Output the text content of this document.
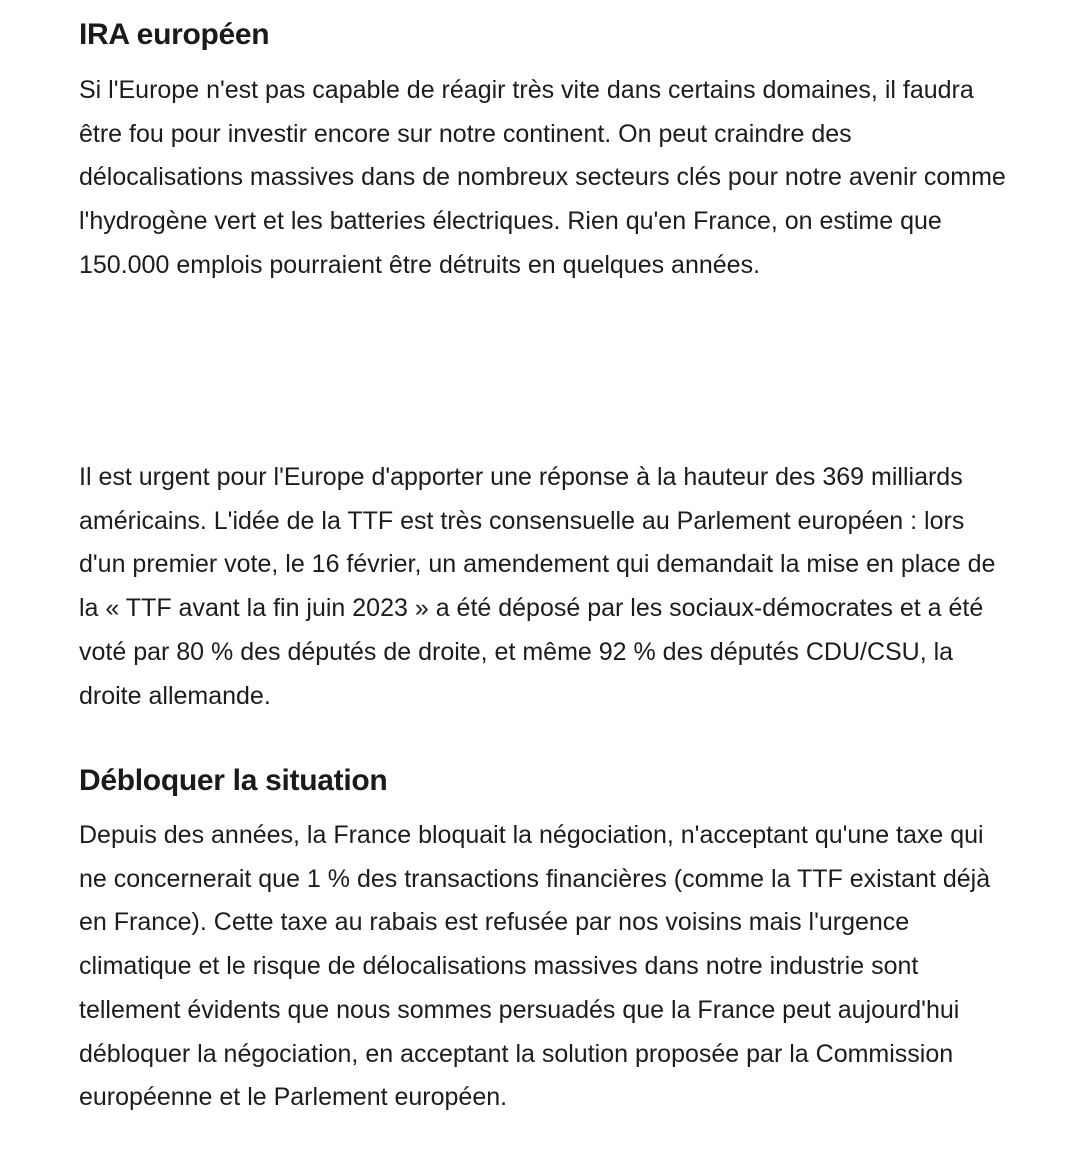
IRA européen

Si l'Europe n'est pas capable de réagir très vite dans certains domaines, il faudra être fou pour investir encore sur notre continent. On peut craindre des délocalisations massives dans de nombreux secteurs clés pour notre avenir comme l'hydrogène vert et les batteries électriques. Rien qu'en France, on estime que 150.000 emplois pourraient être détruits en quelques années.

Il est urgent pour l'Europe d'apporter une réponse à la hauteur des 369 milliards américains. L'idée de la TTF est très consensuelle au Parlement européen : lors d'un premier vote, le 16 février, un amendement qui demandait la mise en place de la « TTF avant la fin juin 2023 » a été déposé par les sociaux-démocrates et a été voté par 80 % des députés de droite, et même 92 % des députés CDU/CSU, la droite allemande.

Débloquer la situation

Depuis des années, la France bloquait la négociation, n'acceptant qu'une taxe qui ne concernerait que 1 % des transactions financières (comme la TTF existant déjà en France). Cette taxe au rabais est refusée par nos voisins mais l'urgence climatique et le risque de délocalisations massives dans notre industrie sont tellement évidents que nous sommes persuadés que la France peut aujourd'hui débloquer la négociation, en acceptant la solution proposée par la Commission européenne et le Parlement européen.
